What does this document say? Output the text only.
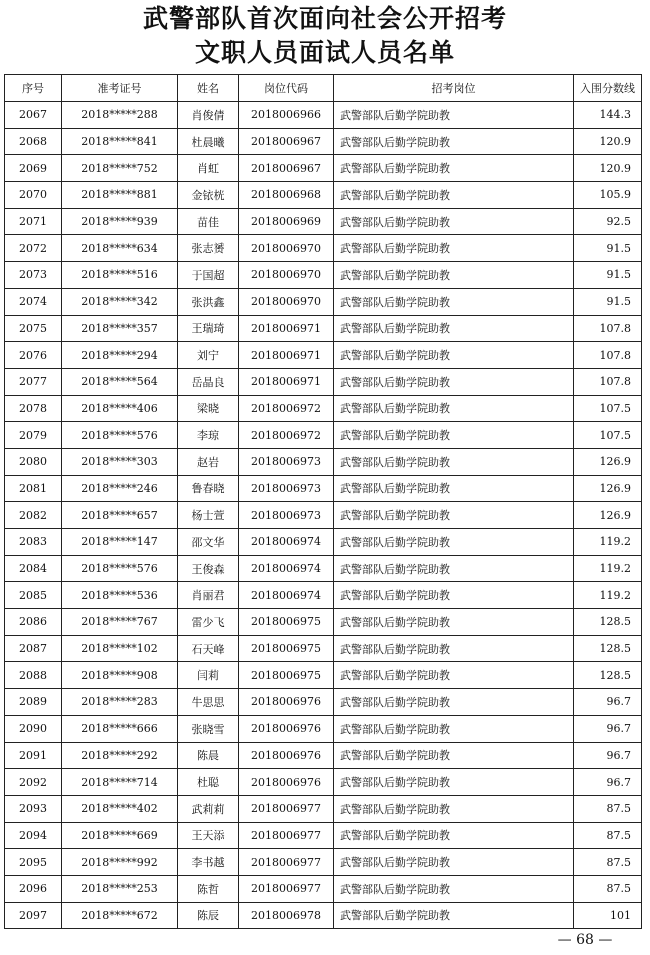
武警部队首次面向社会公开招考
文职人员面试人员名单
序号	准考证号	姓名	岗位代码	招考岗位	入围分数线
2067	2018*****288	肖俊倩	2018006966	武警部队后勤学院助教	144.3
2068	2018*****841	杜晨曦	2018006967	武警部队后勤学院助教	120.9
2069	2018*****752	肖虹	2018006967	武警部队后勤学院助教	120.9
2070	2018*****881	金铱桄	2018006968	武警部队后勤学院助教	105.9
2071	2018*****939	苗佳	2018006969	武警部队后勤学院助教	92.5
2072	2018*****634	张志赟	2018006970	武警部队后勤学院助教	91.5
2073	2018*****516	于国超	2018006970	武警部队后勤学院助教	91.5
2074	2018*****342	张洪鑫	2018006970	武警部队后勤学院助教	91.5
2075	2018*****357	王瑞琦	2018006971	武警部队后勤学院助教	107.8
2076	2018*****294	刘宁	2018006971	武警部队后勤学院助教	107.8
2077	2018*****564	岳晶良	2018006971	武警部队后勤学院助教	107.8
2078	2018*****406	梁晓	2018006972	武警部队后勤学院助教	107.5
2079	2018*****576	李琼	2018006972	武警部队后勤学院助教	107.5
2080	2018*****303	赵岩	2018006973	武警部队后勤学院助教	126.9
2081	2018*****246	鲁春晓	2018006973	武警部队后勤学院助教	126.9
2082	2018*****657	杨士萱	2018006973	武警部队后勤学院助教	126.9
2083	2018*****147	邵文华	2018006974	武警部队后勤学院助教	119.2
2084	2018*****576	王俊森	2018006974	武警部队后勤学院助教	119.2
2085	2018*****536	肖丽君	2018006974	武警部队后勤学院助教	119.2
2086	2018*****767	雷少飞	2018006975	武警部队后勤学院助教	128.5
2087	2018*****102	石天峰	2018006975	武警部队后勤学院助教	128.5
2088	2018*****908	闫莉	2018006975	武警部队后勤学院助教	128.5
2089	2018*****283	牛思思	2018006976	武警部队后勤学院助教	96.7
2090	2018*****666	张晓雪	2018006976	武警部队后勤学院助教	96.7
2091	2018*****292	陈晨	2018006976	武警部队后勤学院助教	96.7
2092	2018*****714	杜聪	2018006976	武警部队后勤学院助教	96.7
2093	2018*****402	武莉莉	2018006977	武警部队后勤学院助教	87.5
2094	2018*****669	王天添	2018006977	武警部队后勤学院助教	87.5
2095	2018*****992	李书越	2018006977	武警部队后勤学院助教	87.5
2096	2018*****253	陈哲	2018006977	武警部队后勤学院助教	87.5
2097	2018*****672	陈辰	2018006978	武警部队后勤学院助教	101
— 68 —
